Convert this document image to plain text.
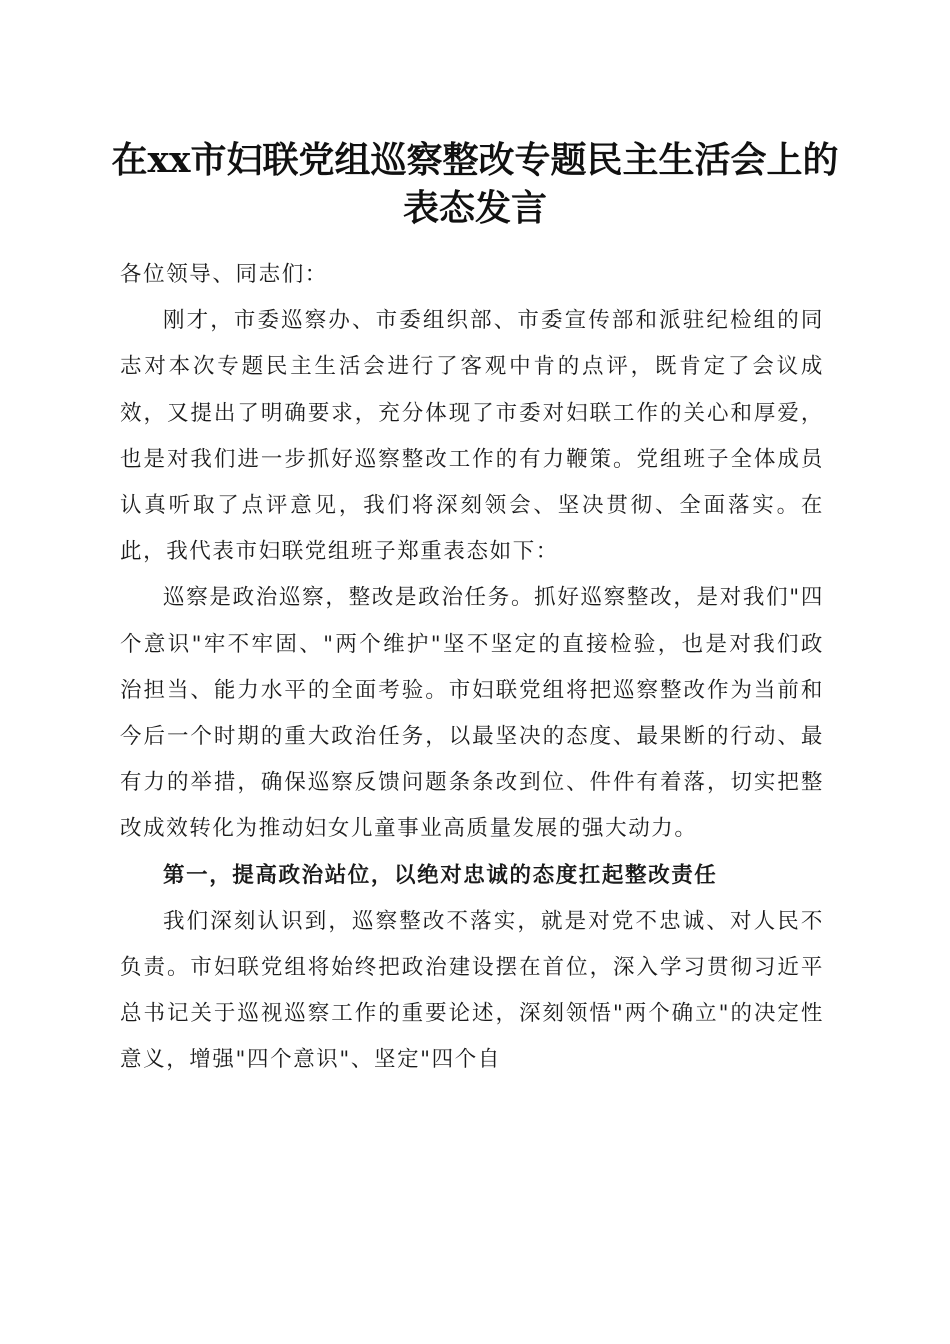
在xx市妇联党组巡察整改专题民主生活会上的表态发言

各位领导、同志们：

刚才，市委巡察办、市委组织部、市委宣传部和派驻纪检组的同志对本次专题民主生活会进行了客观中肯的点评，既肯定了会议成效，又提出了明确要求，充分体现了市委对妇联工作的关心和厚爱，也是对我们进一步抓好巡察整改工作的有力鞭策。党组班子全体成员认真听取了点评意见，我们将深刻领会、坚决贯彻、全面落实。在此，我代表市妇联党组班子郑重表态如下：

巡察是政治巡察，整改是政治任务。抓好巡察整改，是对我们"四个意识"牢不牢固、"两个维护"坚不坚定的直接检验，也是对我们政治担当、能力水平的全面考验。市妇联党组将把巡察整改作为当前和今后一个时期的重大政治任务，以最坚决的态度、最果断的行动、最有力的举措，确保巡察反馈问题条条改到位、件件有着落，切实把整改成效转化为推动妇女儿童事业高质量发展的强大动力。

第一，提高政治站位，以绝对忠诚的态度扛起整改责任

我们深刻认识到，巡察整改不落实，就是对党不忠诚、对人民不负责。市妇联党组将始终把政治建设摆在首位，深入学习贯彻习近平总书记关于巡视巡察工作的重要论述，深刻领悟"两个确立"的决定性意义，增强"四个意识"、坚定"四个自
